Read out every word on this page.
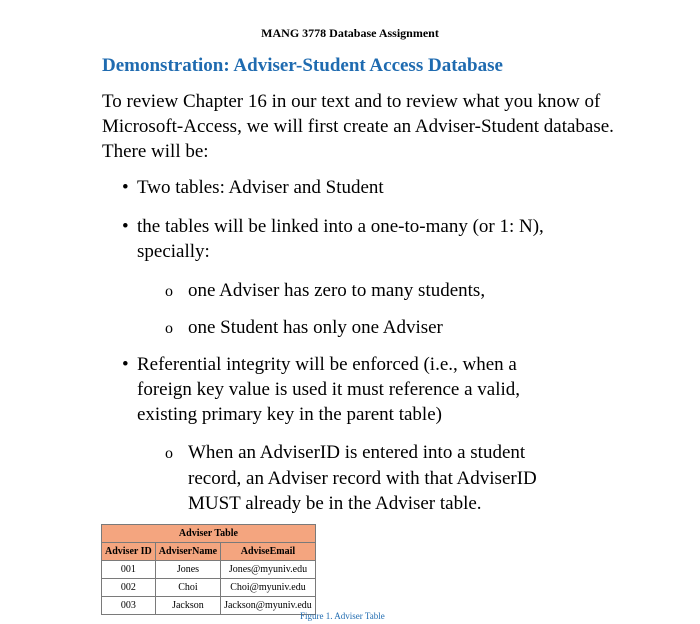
MANG 3778 Database Assignment
Demonstration: Adviser-Student Access Database
To review Chapter 16 in our text and to review what you know of Microsoft-Access, we will first create an Adviser-Student database. There will be:
• Two tables: Adviser and Student
• the tables will be linked into a one-to-many (or 1: N), specially:
o one Adviser has zero to many students,
o one Student has only one Adviser
• Referential integrity will be enforced (i.e., when a foreign key value is used it must reference a valid, existing primary key in the parent table)
o When an AdviserID is entered into a student record, an Adviser record with that AdviserID MUST already be in the Adviser table.
Adviser Table		
Adviser ID	AdviserName	AdviseEmail
001	Jones	Jones@myuniv.edu
002	Choi	Choi@myuniv.edu
003	Jackson	Jackson@myuniv.edu
Figure 1. Adviser Table
